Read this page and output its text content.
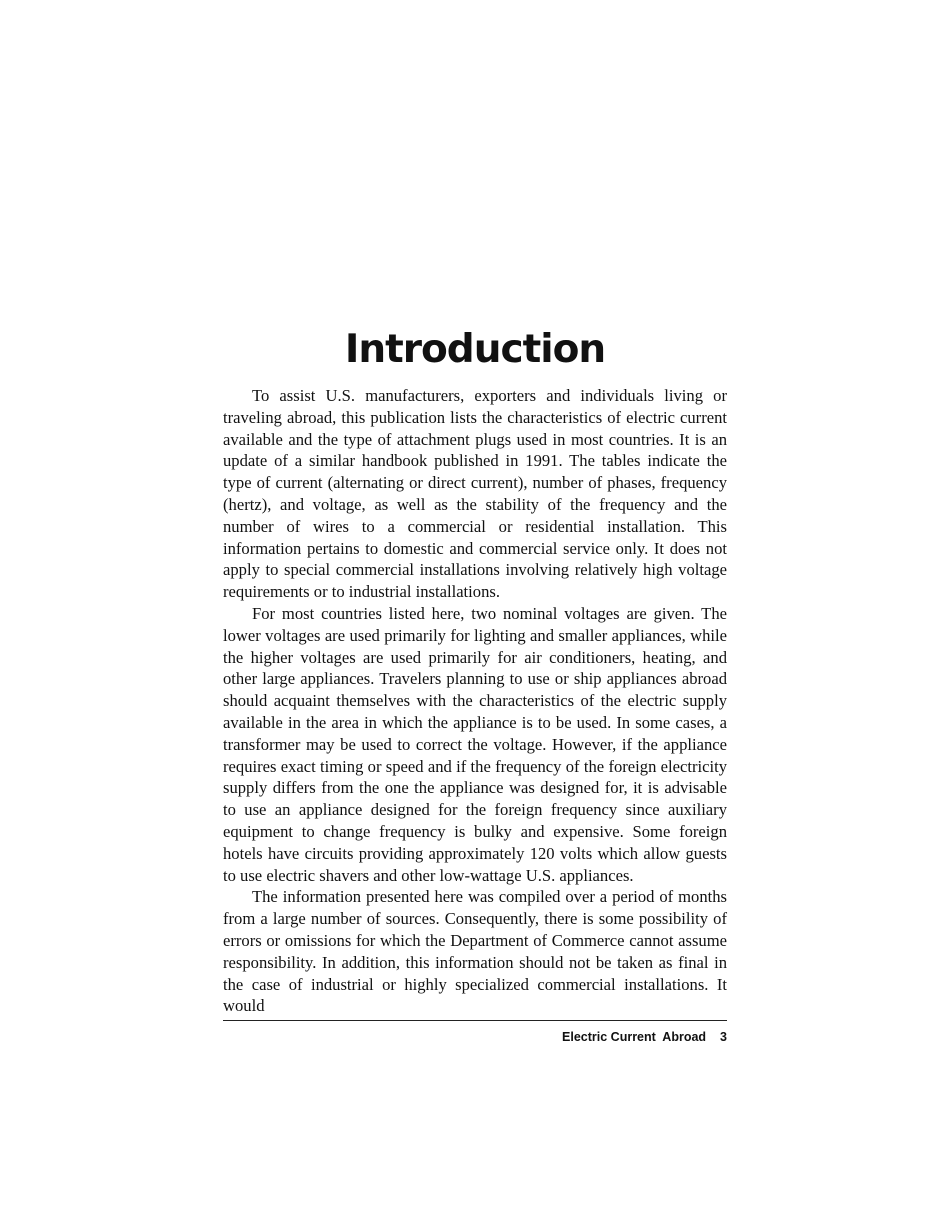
Introduction

To assist U.S. manufacturers, exporters and individuals living or traveling abroad, this publication lists the characteristics of electric current available and the type of attachment plugs used in most countries. It is an update of a similar handbook published in 1991. The tables indicate the type of current (alternating or direct current), number of phases, frequency (hertz), and voltage, as well as the stability of the frequency and the number of wires to a commercial or residential installation. This information pertains to domestic and commercial service only. It does not apply to special commercial installations involving relatively high voltage requirements or to industrial installations.

For most countries listed here, two nominal voltages are given. The lower voltages are used primarily for lighting and smaller appliances, while the higher voltages are used primarily for air conditioners, heating, and other large appliances. Travelers planning to use or ship appliances abroad should acquaint themselves with the characteristics of the electric supply available in the area in which the appliance is to be used. In some cases, a transformer may be used to correct the voltage. However, if the appliance requires exact timing or speed and if the frequency of the foreign electricity supply differs from the one the appliance was designed for, it is advisable to use an appliance designed for the foreign frequency since auxiliary equipment to change frequency is bulky and expensive. Some foreign hotels have circuits providing approximately 120 volts which allow guests to use electric shavers and other low-wattage U.S. appliances.

The information presented here was compiled over a period of months from a large number of sources. Consequently, there is some possibility of errors or omissions for which the Department of Commerce cannot assume responsibility. In addition, this information should not be taken as final in the case of industrial or highly specialized commercial installations. It would

Electric Current  Abroad 3
